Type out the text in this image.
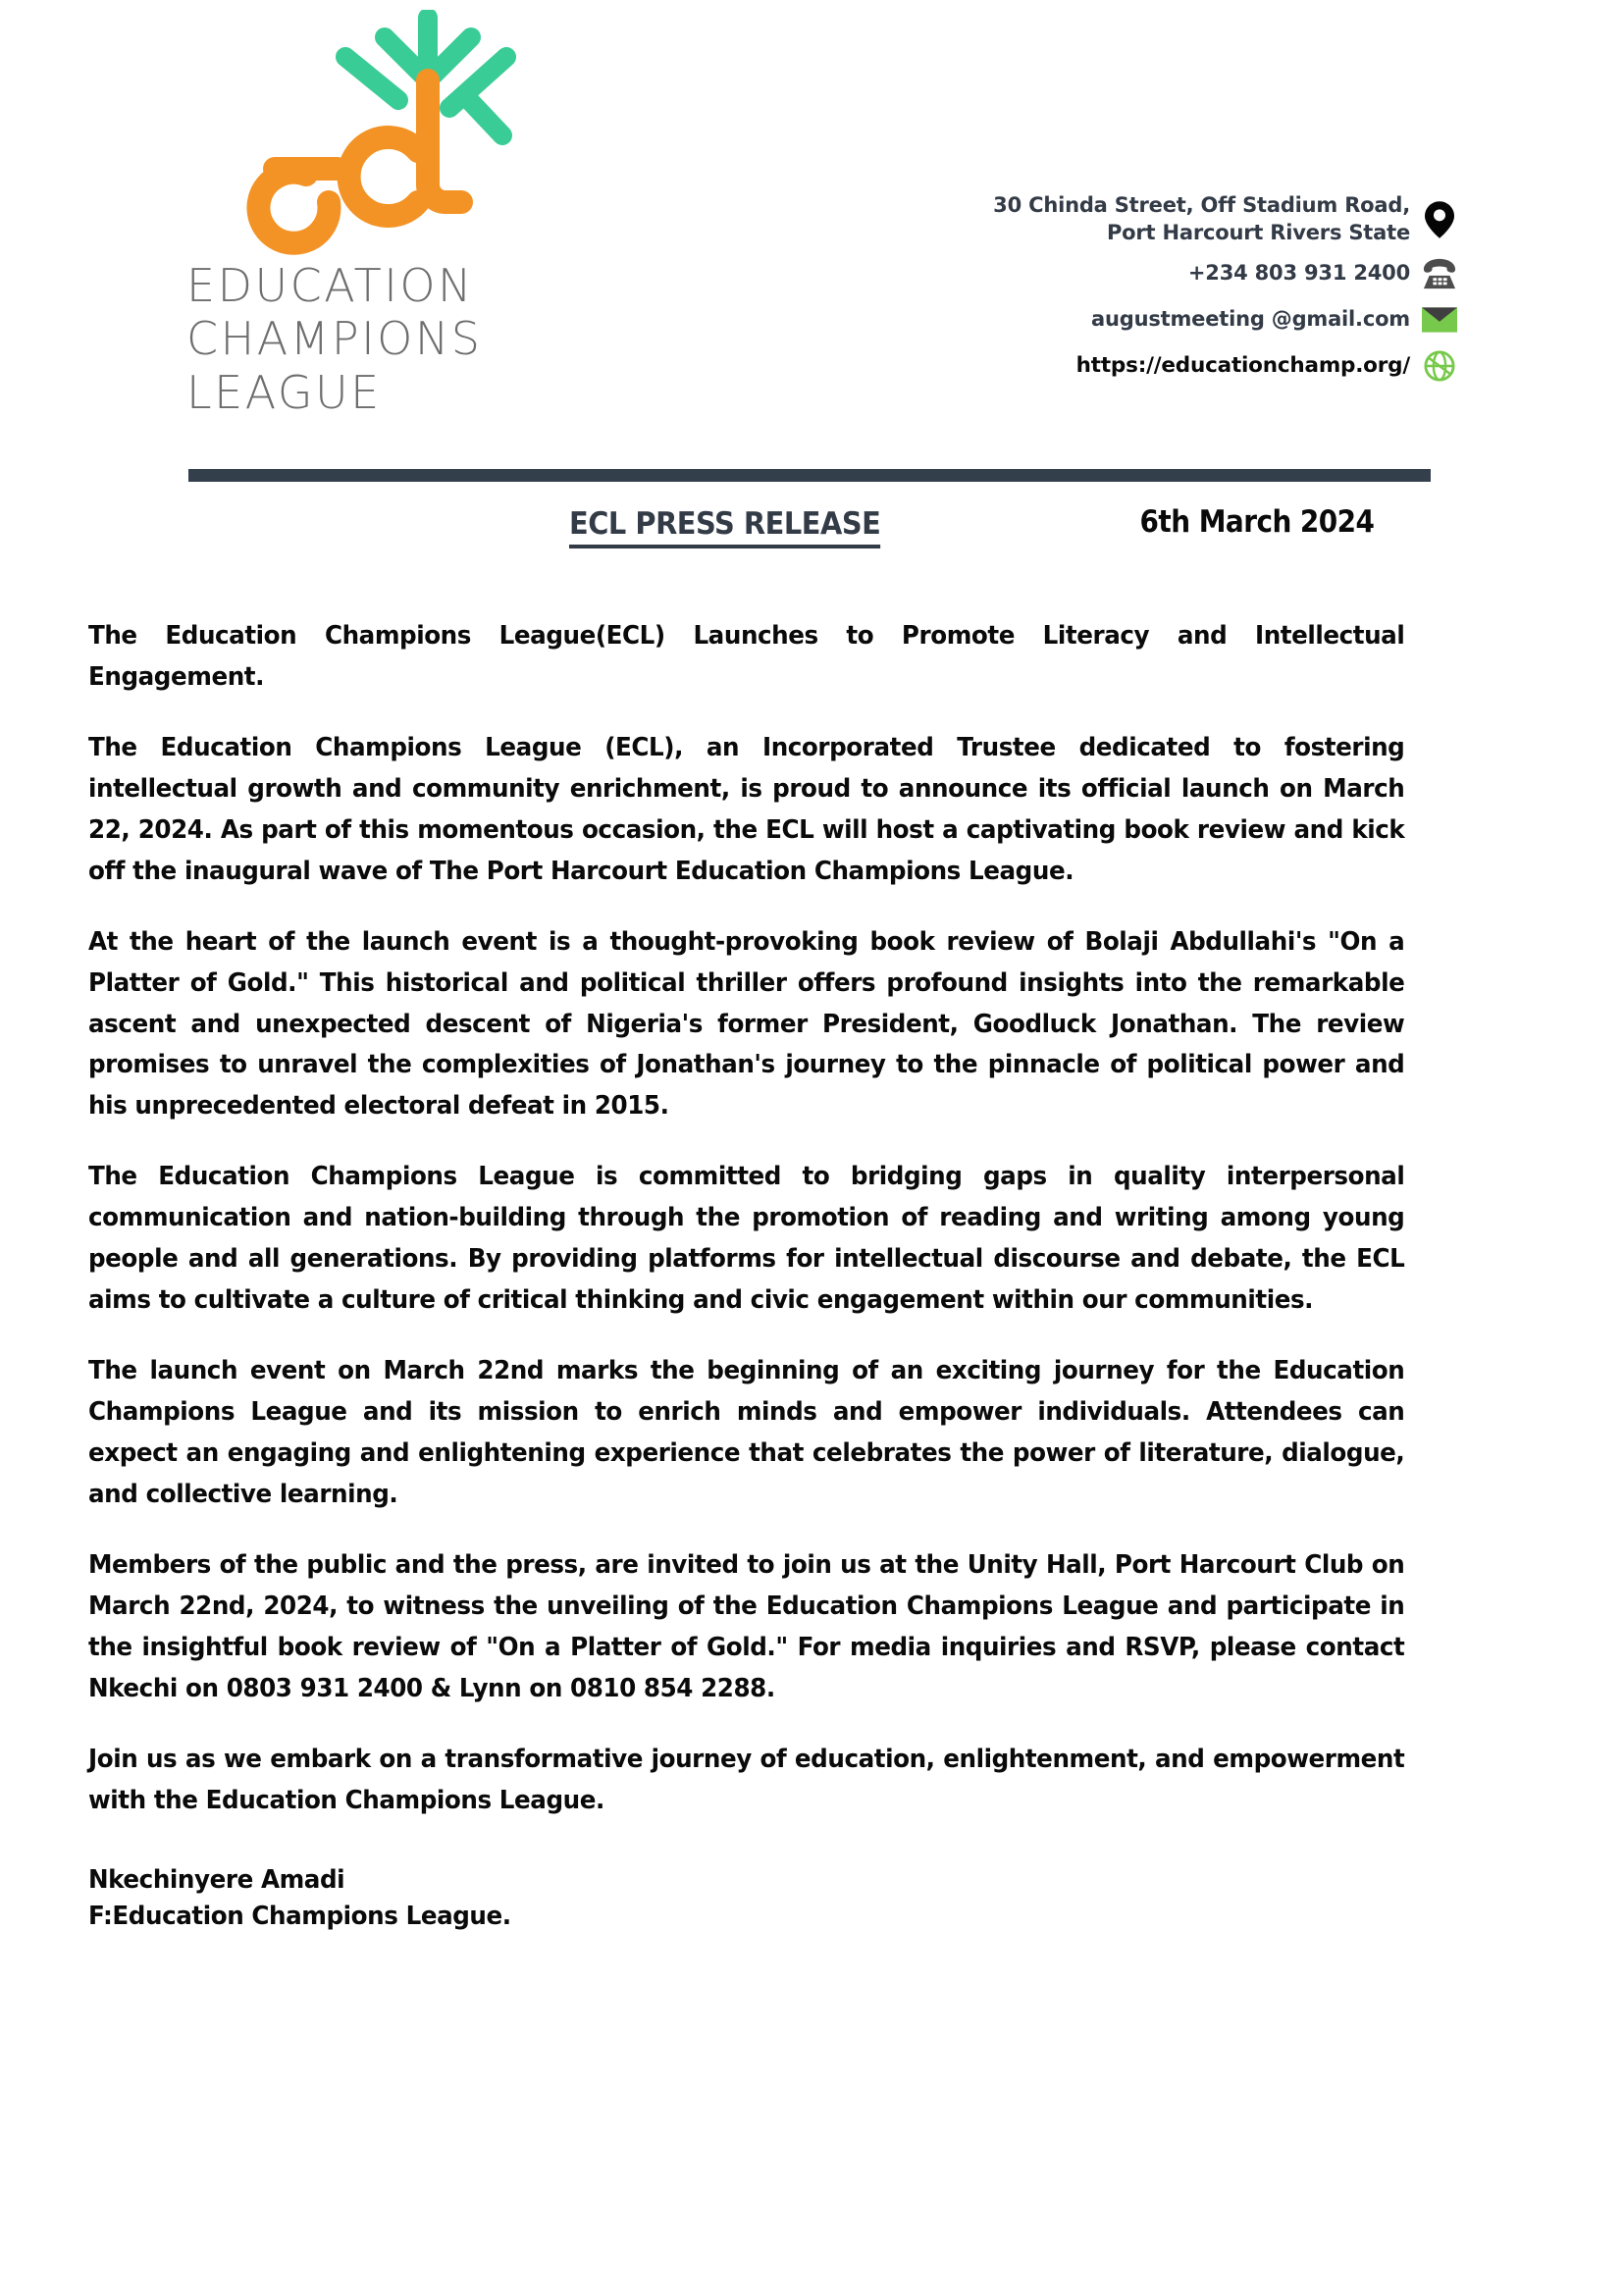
EDUCATION
CHAMPIONS
LEAGUE
30 Chinda Street, Off Stadium Road,
Port Harcourt Rivers State
+234 803 931 2400
augustmeeting @gmail.com
https://educationchamp.org/
ECL PRESS RELEASE	6th March 2024

The Education Champions League(ECL) Launches to Promote Literacy and Intellectual Engagement.

The Education Champions League (ECL), an Incorporated Trustee dedicated to fostering intellectual growth and community enrichment, is proud to announce its official launch on March 22, 2024. As part of this momentous occasion, the ECL will host a captivating book review and kick off the inaugural wave of The Port Harcourt Education Champions League.

At the heart of the launch event is a thought-provoking book review of Bolaji Abdullahi's "On a Platter of Gold." This historical and political thriller offers profound insights into the remarkable ascent and unexpected descent of Nigeria's former President, Goodluck Jonathan. The review promises to unravel the complexities of Jonathan's journey to the pinnacle of political power and his unprecedented electoral defeat in 2015.

The Education Champions League is committed to bridging gaps in quality interpersonal communication and nation-building through the promotion of reading and writing among young people and all generations. By providing platforms for intellectual discourse and debate, the ECL aims to cultivate a culture of critical thinking and civic engagement within our communities.

The launch event on March 22nd marks the beginning of an exciting journey for the Education Champions League and its mission to enrich minds and empower individuals. Attendees can expect an engaging and enlightening experience that celebrates the power of literature, dialogue, and collective learning.

Members of the public and the press, are invited to join us at the Unity Hall, Port Harcourt Club on March 22nd, 2024, to witness the unveiling of the Education Champions League and participate in the insightful book review of "On a Platter of Gold." For media inquiries and RSVP, please contact Nkechi on 0803 931 2400 & Lynn on 0810 854 2288.

Join us as we embark on a transformative journey of education, enlightenment, and empowerment with the Education Champions League.

Nkechinyere Amadi
F:Education Champions League.
